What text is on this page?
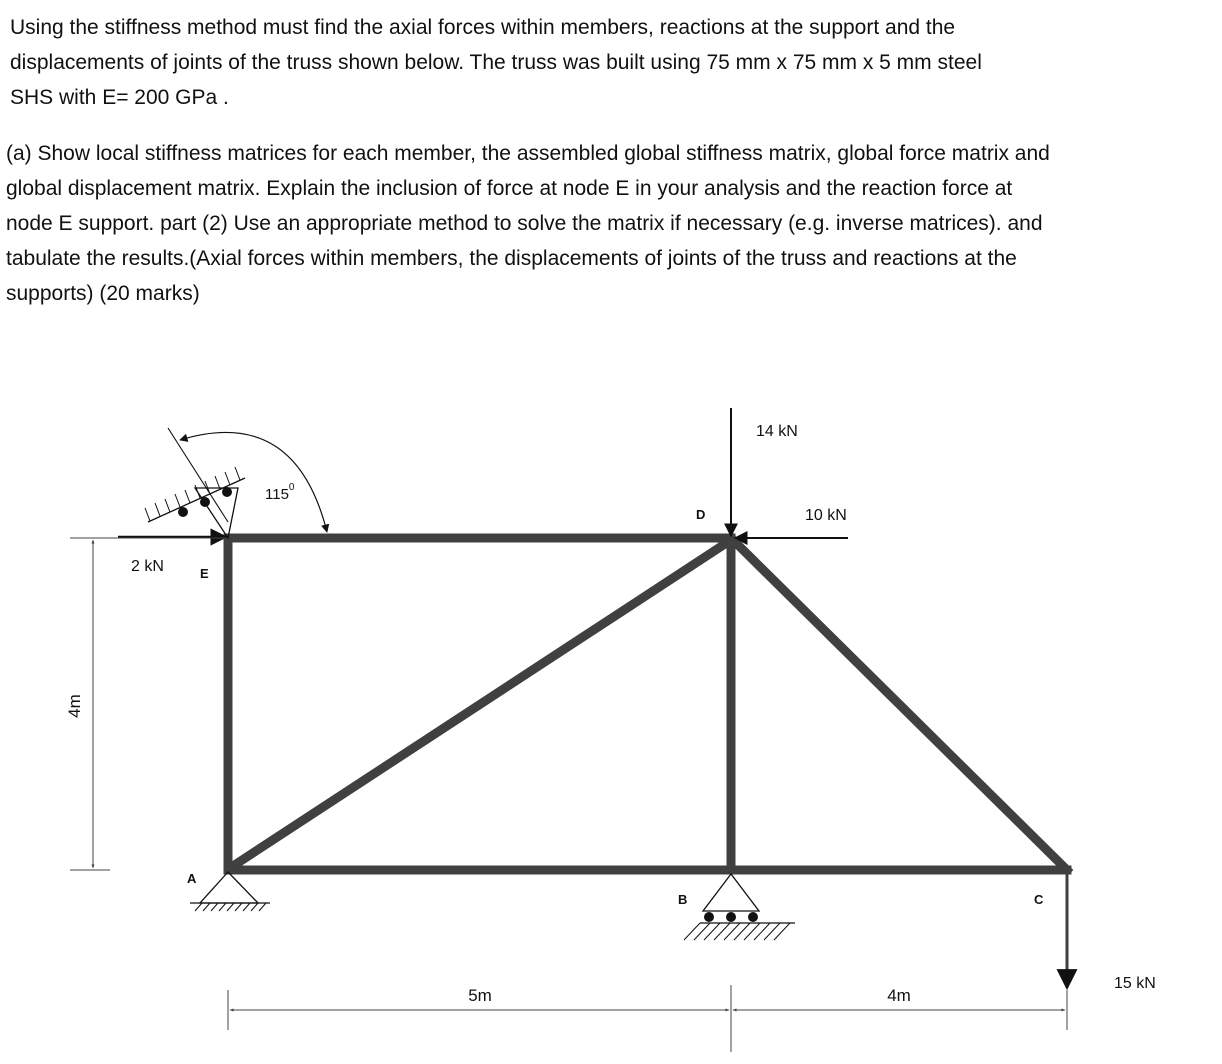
Using the stiffness method must find the axial forces within members, reactions at the support and the
displacements of joints of the truss shown below. The truss was built using 75 mm x 75 mm x 5 mm steel
SHS with E= 200 GPa .
(a) Show local stiffness matrices for each member, the assembled global stiffness matrix, global force matrix and
global displacement matrix. Explain the inclusion of force at node E in your analysis and the reaction force at
node E support. part (2) Use an appropriate method to solve the matrix if necessary (e.g. inverse matrices). and
tabulate the results.(Axial forces within members, the displacements of joints of the truss and reactions at the
supports) (20 marks)
$115^0$
14 kN
10 kN
2 kN
15 kN
A
B	C
D
E
4m
5m	4m
